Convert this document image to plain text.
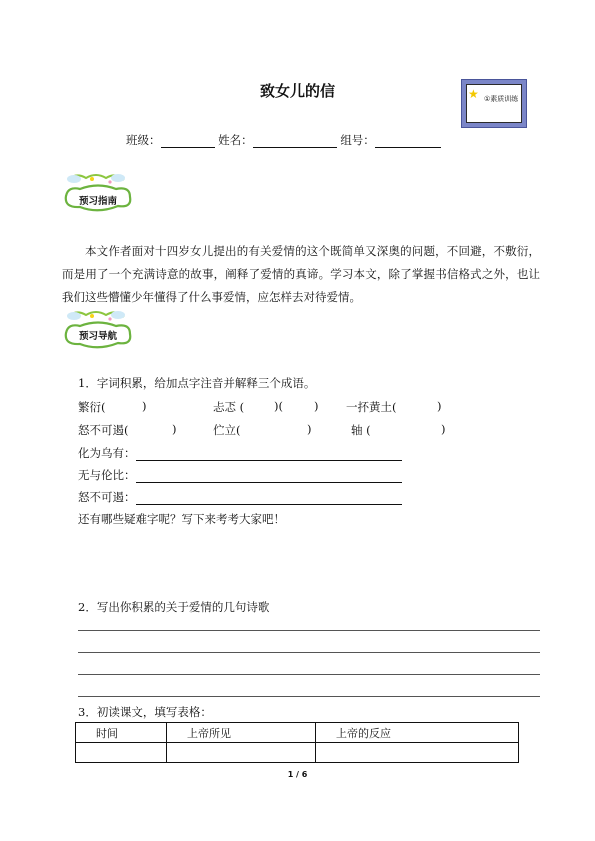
致女儿的信	★ ①素质训练
班级：	姓名：	组号：
预习指南
本文作者面对十四岁女儿提出的有关爱情的这个既简单又深奥的问题，不回避，不敷衍，而是用了一个充满诗意的故事，阐释了爱情的真谛。学习本文，除了掌握书信格式之外，也让我们这些懵懂少年懂得了什么事爱情，应怎样去对待爱情。
预习导航
1．字词积累，给加点字注音并解释三个成语。
繁衍(	)	忐忑 (	)(	) 一抔黄土(	)
怒不可遏(	)	伫立(	)	轴 (	)
化为乌有：
无与伦比：
怒不可遏：
还有哪些疑难字呢？写下来考考大家吧！
2．写出你积累的关于爱情的几句诗歌
3．初读课文，填写表格：
时间	上帝所见	上帝的反应

1 / 6
